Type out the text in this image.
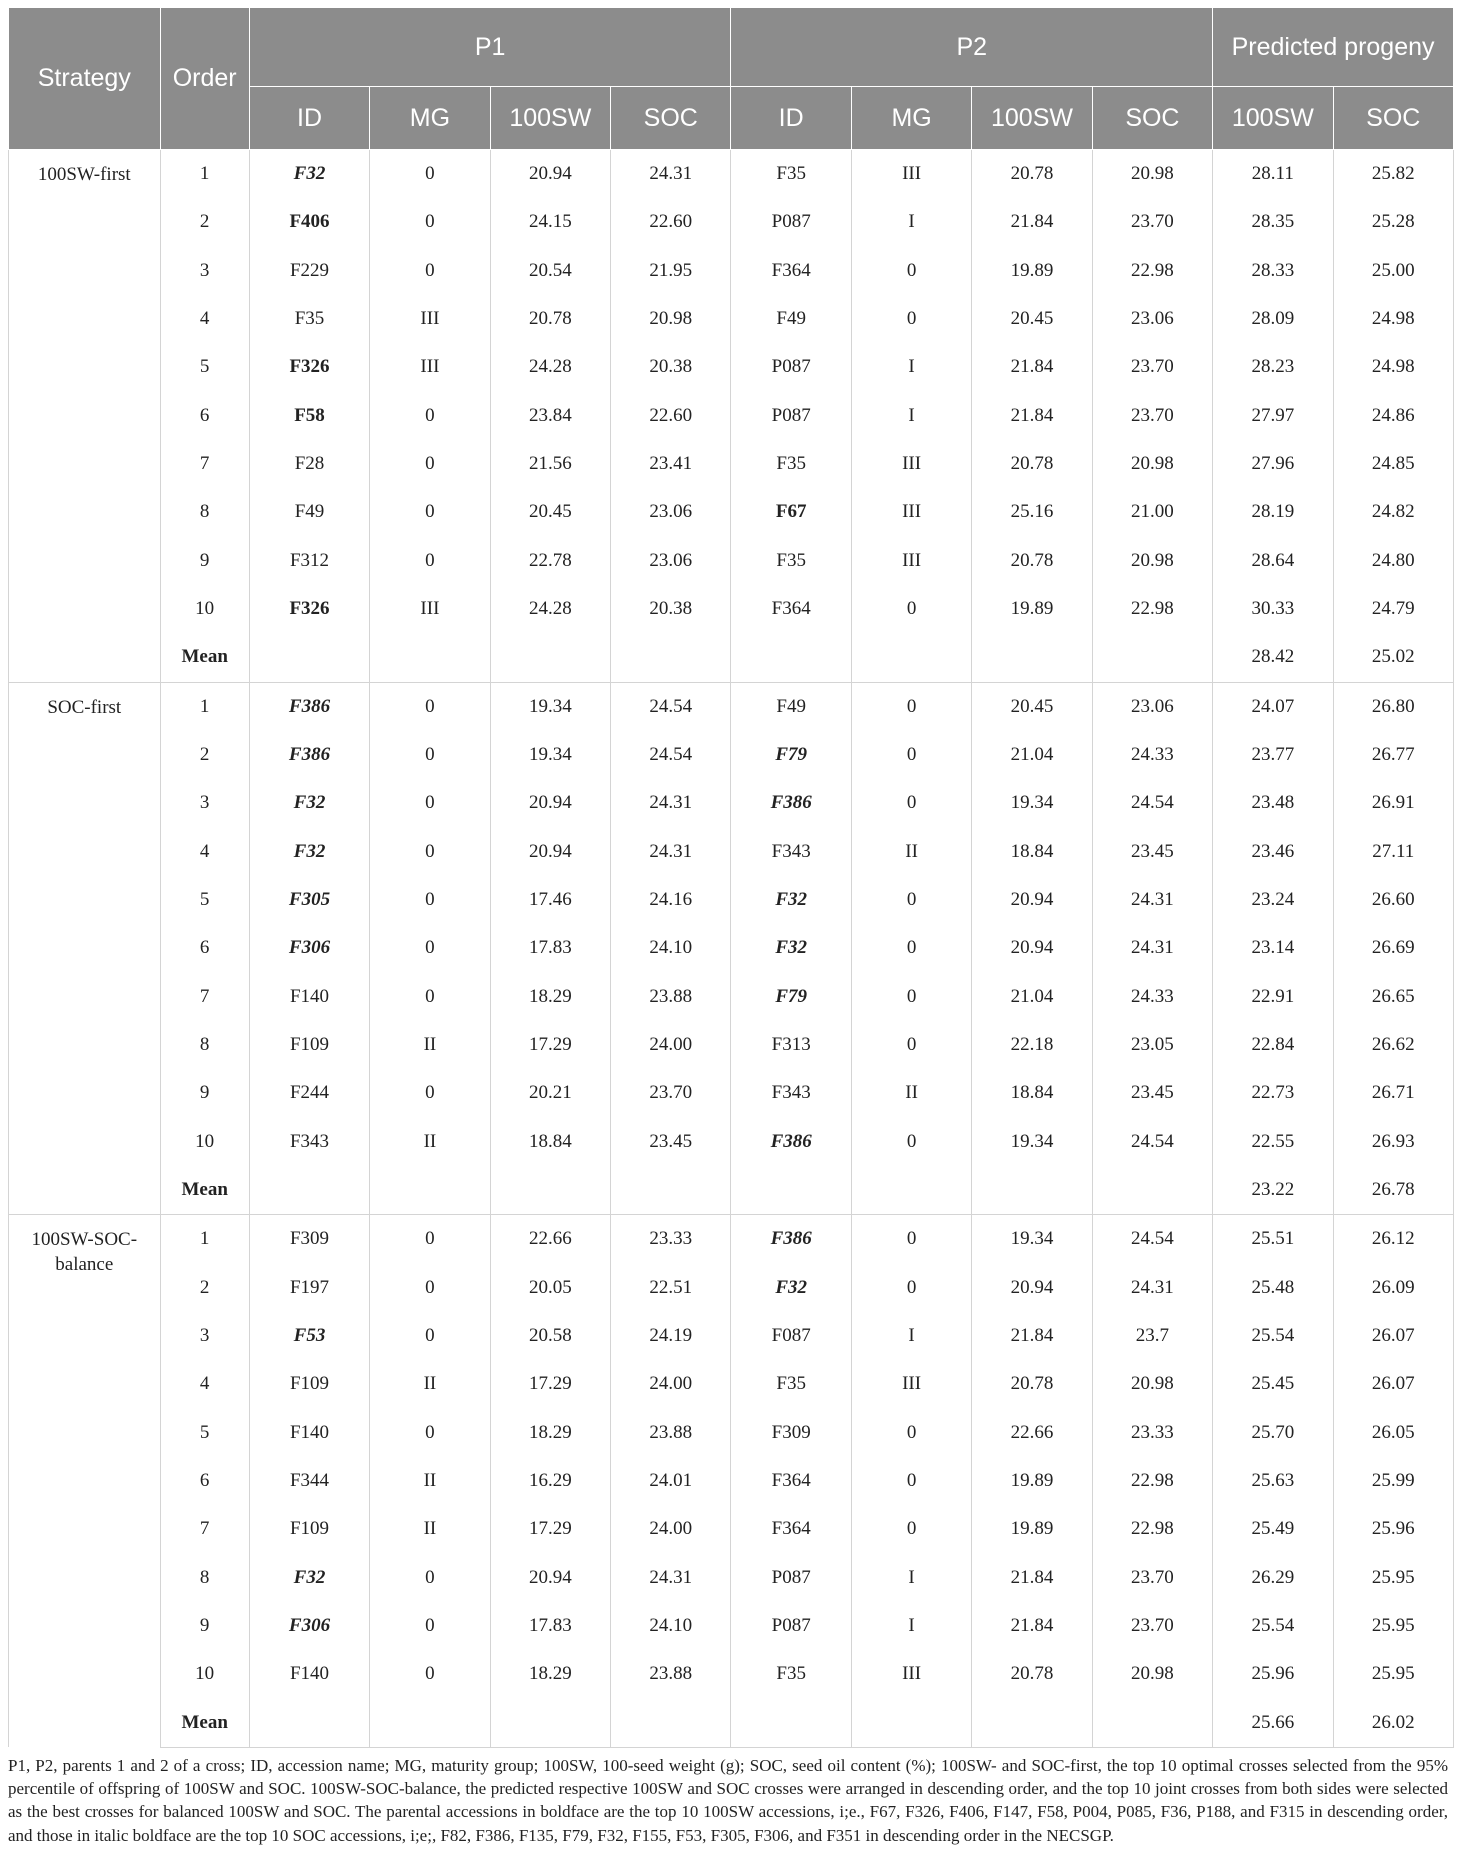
Strategy	Order	P1				P2				Predicted progeny	
		ID	MG	100SW	SOC	ID	MG	100SW	SOC	100SW	SOC
100SW-first	1	F32	0	20.94	24.31	F35	III	20.78	20.98	28.11	25.82
	2	F406	0	24.15	22.60	P087	I	21.84	23.70	28.35	25.28
	3	F229	0	20.54	21.95	F364	0	19.89	22.98	28.33	25.00
	4	F35	III	20.78	20.98	F49	0	20.45	23.06	28.09	24.98
	5	F326	III	24.28	20.38	P087	I	21.84	23.70	28.23	24.98
	6	F58	0	23.84	22.60	P087	I	21.84	23.70	27.97	24.86
	7	F28	0	21.56	23.41	F35	III	20.78	20.98	27.96	24.85
	8	F49	0	20.45	23.06	F67	III	25.16	21.00	28.19	24.82
	9	F312	0	22.78	23.06	F35	III	20.78	20.98	28.64	24.80
	10	F326	III	24.28	20.38	F364	0	19.89	22.98	30.33	24.79
	Mean									28.42	25.02
SOC-first	1	F386	0	19.34	24.54	F49	0	20.45	23.06	24.07	26.80
	2	F386	0	19.34	24.54	F79	0	21.04	24.33	23.77	26.77
	3	F32	0	20.94	24.31	F386	0	19.34	24.54	23.48	26.91
	4	F32	0	20.94	24.31	F343	II	18.84	23.45	23.46	27.11
	5	F305	0	17.46	24.16	F32	0	20.94	24.31	23.24	26.60
	6	F306	0	17.83	24.10	F32	0	20.94	24.31	23.14	26.69
	7	F140	0	18.29	23.88	F79	0	21.04	24.33	22.91	26.65
	8	F109	II	17.29	24.00	F313	0	22.18	23.05	22.84	26.62
	9	F244	0	20.21	23.70	F343	II	18.84	23.45	22.73	26.71
	10	F343	II	18.84	23.45	F386	0	19.34	24.54	22.55	26.93
	Mean									23.22	26.78
100SW-SOC-balance	1	F309	0	22.66	23.33	F386	0	19.34	24.54	25.51	26.12
	2	F197	0	20.05	22.51	F32	0	20.94	24.31	25.48	26.09
	3	F53	0	20.58	24.19	F087	I	21.84	23.7	25.54	26.07
	4	F109	II	17.29	24.00	F35	III	20.78	20.98	25.45	26.07
	5	F140	0	18.29	23.88	F309	0	22.66	23.33	25.70	26.05
	6	F344	II	16.29	24.01	F364	0	19.89	22.98	25.63	25.99
	7	F109	II	17.29	24.00	F364	0	19.89	22.98	25.49	25.96
	8	F32	0	20.94	24.31	P087	I	21.84	23.70	26.29	25.95
	9	F306	0	17.83	24.10	P087	I	21.84	23.70	25.54	25.95
	10	F140	0	18.29	23.88	F35	III	20.78	20.98	25.96	25.95
	Mean									25.66	26.02
P1, P2, parents 1 and 2 of a cross; ID, accession name; MG, maturity group; 100SW, 100-seed weight (g); SOC, seed oil content (%); 100SW- and SOC-first, the top 10 optimal crosses selected from the 95% percentile of offspring of 100SW and SOC. 100SW-SOC-balance, the predicted respective 100SW and SOC crosses were arranged in descending order, and the top 10 joint crosses from both sides were selected as the best crosses for balanced 100SW and SOC. The parental accessions in boldface are the top 10 100SW accessions, i;e., F67, F326, F406, F147, F58, P004, P085, F36, P188, and F315 in descending order, and those in italic boldface are the top 10 SOC accessions, i;e;, F82, F386, F135, F79, F32, F155, F53, F305, F306, and F351 in descending order in the NECSGP.
